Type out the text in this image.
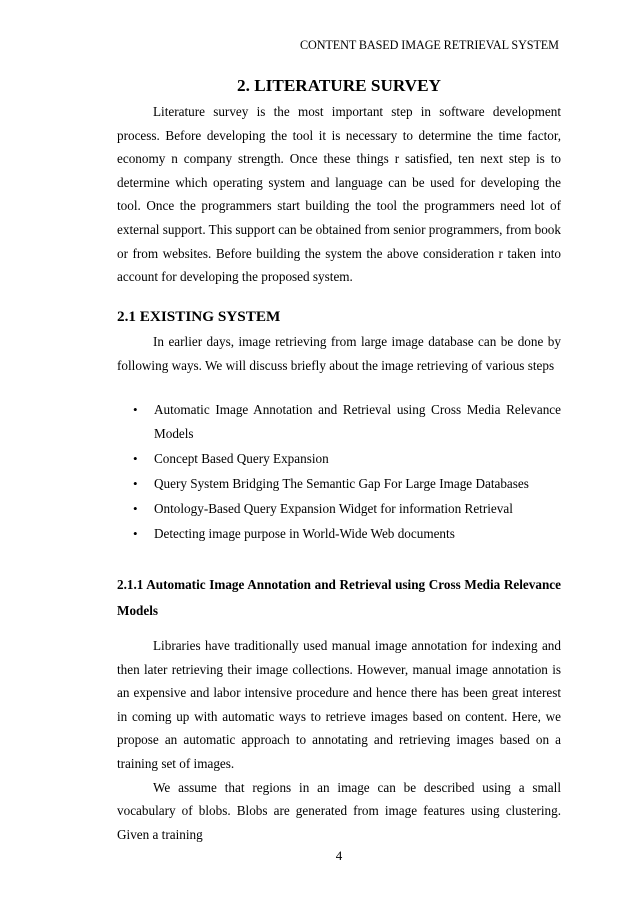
CONTENT BASED IMAGE RETRIEVAL SYSTEM
2. LITERATURE SURVEY

Literature survey is the most important step in software development process. Before developing the tool it is necessary to determine the time factor, economy n company strength. Once these things r satisfied, ten next step is to determine which operating system and language can be used for developing the tool. Once the programmers start building the tool the programmers need lot of external support. This support can be obtained from senior programmers, from book or from websites. Before building the system the above consideration r taken into account for developing the proposed system.

2.1 EXISTING SYSTEM

In earlier days, image retrieving from large image database can be done by following ways. We will discuss briefly about the image retrieving of various steps

• Automatic Image Annotation and Retrieval using Cross Media Relevance Models
• Concept Based Query Expansion
• Query System Bridging The Semantic Gap For Large Image Databases
• Ontology-Based Query Expansion Widget for information Retrieval
• Detecting image purpose in World-Wide Web documents

2.1.1 Automatic Image Annotation and Retrieval using Cross Media Relevance Models

Libraries have traditionally used manual image annotation for indexing and then later retrieving their image collections. However, manual image annotation is an expensive and labor intensive procedure and hence there has been great interest in coming up with automatic ways to retrieve images based on content. Here, we propose an automatic approach to annotating and retrieving images based on a training set of images.

We assume that regions in an image can be described using a small vocabulary of blobs. Blobs are generated from image features using clustering. Given a training

4
